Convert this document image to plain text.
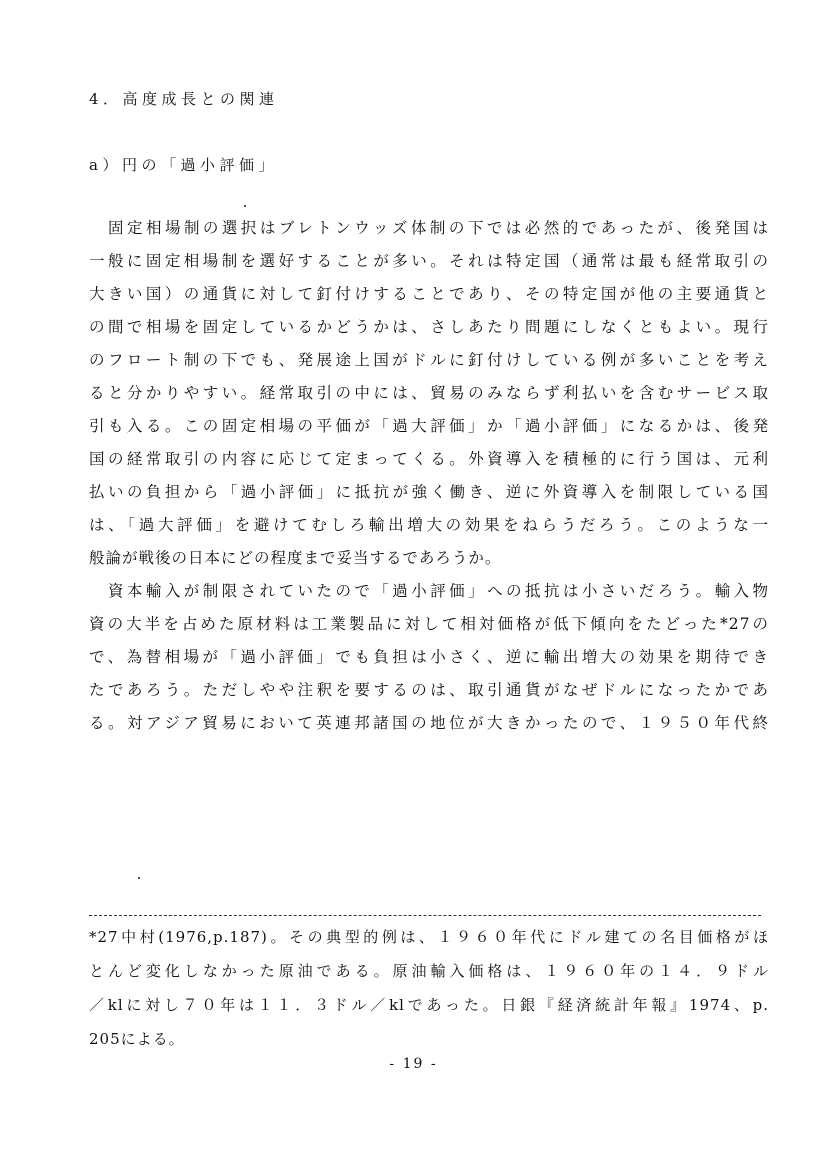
4．高度成長との関連
a）円の「過小評価」
　固定相場制の選択はブレトンウッズ体制の下では必然的であったが、後発国は
一般に固定相場制を選好することが多い。それは特定国（通常は最も経常取引の
大きい国）の通貨に対して釘付けすることであり、その特定国が他の主要通貨と
の間で相場を固定しているかどうかは、さしあたり問題にしなくともよい。現行
のフロート制の下でも、発展途上国がドルに釘付けしている例が多いことを考え
ると分かりやすい。経常取引の中には、貿易のみならず利払いを含むサービス取
引も入る。この固定相場の平価が「過大評価」か「過小評価」になるかは、後発
国の経常取引の内容に応じて定まってくる。外資導入を積極的に行う国は、元利
払いの負担から「過小評価」に抵抗が強く働き、逆に外資導入を制限している国
は、「過大評価」を避けてむしろ輸出増大の効果をねらうだろう。このような一
般論が戦後の日本にどの程度まで妥当するであろうか。
　資本輸入が制限されていたので「過小評価」への抵抗は小さいだろう。輸入物
資の大半を占めた原材料は工業製品に対して相対価格が低下傾向をたどった*27の
で、為替相場が「過小評価」でも負担は小さく、逆に輸出増大の効果を期待でき
たであろう。ただしやや注釈を要するのは、取引通貨がなぜドルになったかであ
る。対アジア貿易において英連邦諸国の地位が大きかったので、１９５０年代終
*27中村(1976,p.187)。その典型的例は、１９６０年代にドル建ての名目価格がほ
とんど変化しなかった原油である。原油輸入価格は、１９６０年の１４．９ドル
／klに対し７０年は１１．３ドル／klであった。日銀『経済統計年報』1974、p.
205による。
- 19 -
